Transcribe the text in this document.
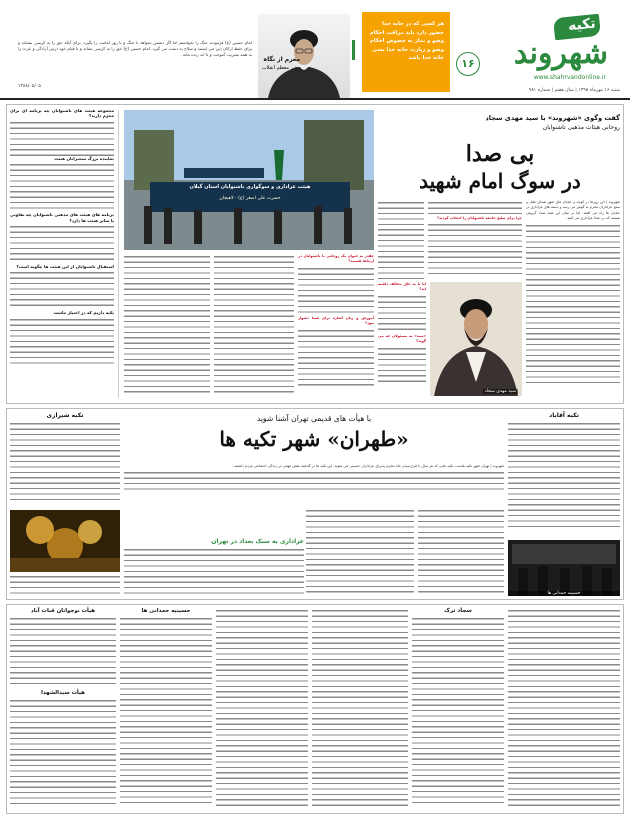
تکیه
شهروند
www.shahrvandonline.ir
شنبه ۱۶ مهرماه ۱۳۹۵ | سال هفتم | شماره ۹۸۱
۱۶
هر کسی که در خانه خدا حضور دارد باید مراقب احکام وضو و نماز به خصوص احکام وضو و زیارت خانه خدا یعنی خانه خدا باشد
معرم از نگاه
رهبر معظم انقلاب
امام حسین (ع) فرمودند جنگ را نخواستم اما اگر دشمن بخواهد با جنگ و با زور امامت را بگیرد، برای آنکه حق را به کرسی بنشاند و برای حفظ ارکان دین می ایستد و سلاح به دست می گیرد. امام حسین (ع) حق را به کرسی نشاند و با قیام خود درس آزادگی و عزت را به همه بشریت آموخت و تا ابد زنده ماند.
۱۳۸۸/۰۵/۰۵

مجموعه هیئت های ناشنوایان چه برنامه ای برای محرم دارند؟

نماینده بزرگ سخنرانان هیئت

برنامه های هیئت های مذهبی ناشنوایان چه تفاوتی با سایر هیئت ها دارد؟

استقبال ناشنوایان از این هیئت ها چگونه است؟

تکیه داریم که در اختیار ماست

هیئت عزاداری و سوگواری ناشنوایان استان گیلان
حضرت علی اصغر (ع) - لاهیجان
گفت وگوی «شهروند» با سید مهدی سجاد
روحانی هیئات مذهبی تاشنوایان
بی صدا
در سوگ امام شهید

شهروند | این روزها در کوچه و خیابان های شهر صدای طبل و سنج عزاداران محرم به گوش می رسد و دسته های عزاداری در خیابان ها راه می افتند. اما در میان این همه صدا، گروهی هستند که بی صدا عزاداری می کنند.

چرا برای تبلیغ جامعه ناشنوایان را انتخاب کردید؟

سید مهدی سجاد

آیا تا به حال مخالف داشته اید؟

«سید» به مسئولان چه می گوید؟

چقدر به عنوان یک روحانی با ناشنوایان در ارتباط هستید؟

آموزش و زبان اشاره برای شما دشوار نبود؟

با هیأت های قدیمی تهران آشنا شوید
«طهران» شهر تکیه ها

شهروند | تهران شهر تکیه هاست. تکیه هایی که هر سال با فرارسیدن ماه محرم پذیرای عزاداران حسینی می شوند. این تکیه ها در گذشته نقش مهمی در زندگی اجتماعی مردم داشتند.

تکیه آقاباد
تکیه شیرازی
عزاداری به سبک بغداد در تهران
حسینیه حمدانی ها
سجاد ترک
حسینیه حمدانی ها
هیأت نوجوانان قنات آباد
هیأت سیدالشهدا
